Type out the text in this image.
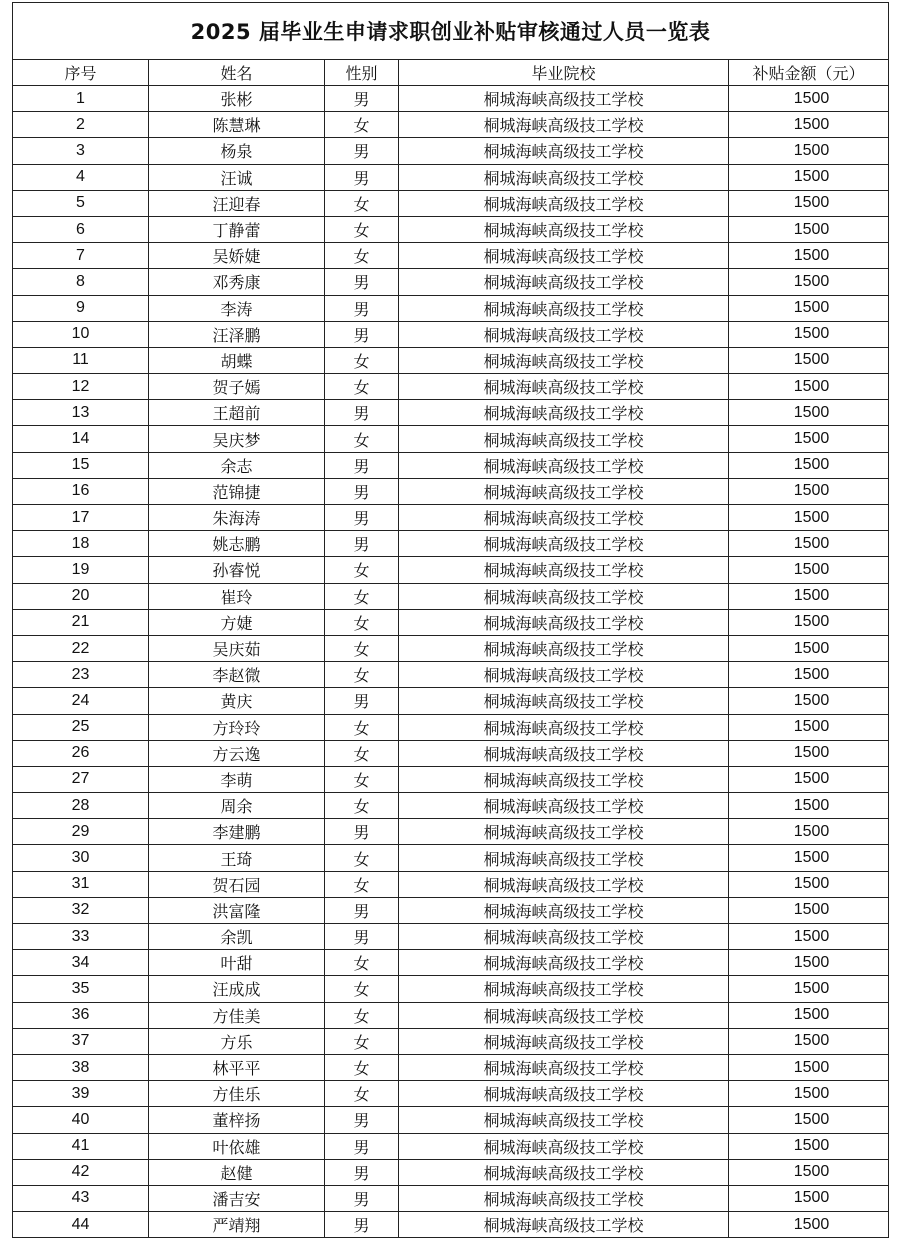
2025 届毕业生申请求职创业补贴审核通过人员一览表				
序号	姓名	性别	毕业院校	补贴金额（元）
1	张彬	男	桐城海峡高级技工学校	1500
2	陈慧琳	女	桐城海峡高级技工学校	1500
3	杨泉	男	桐城海峡高级技工学校	1500
4	汪诚	男	桐城海峡高级技工学校	1500
5	汪迎春	女	桐城海峡高级技工学校	1500
6	丁静蕾	女	桐城海峡高级技工学校	1500
7	吴娇婕	女	桐城海峡高级技工学校	1500
8	邓秀康	男	桐城海峡高级技工学校	1500
9	李涛	男	桐城海峡高级技工学校	1500
10	汪泽鹏	男	桐城海峡高级技工学校	1500
11	胡蝶	女	桐城海峡高级技工学校	1500
12	贺子嫣	女	桐城海峡高级技工学校	1500
13	王超前	男	桐城海峡高级技工学校	1500
14	吴庆梦	女	桐城海峡高级技工学校	1500
15	余志	男	桐城海峡高级技工学校	1500
16	范锦捷	男	桐城海峡高级技工学校	1500
17	朱海涛	男	桐城海峡高级技工学校	1500
18	姚志鹏	男	桐城海峡高级技工学校	1500
19	孙睿悦	女	桐城海峡高级技工学校	1500
20	崔玲	女	桐城海峡高级技工学校	1500
21	方婕	女	桐城海峡高级技工学校	1500
22	吴庆茹	女	桐城海峡高级技工学校	1500
23	李赵微	女	桐城海峡高级技工学校	1500
24	黄庆	男	桐城海峡高级技工学校	1500
25	方玲玲	女	桐城海峡高级技工学校	1500
26	方云逸	女	桐城海峡高级技工学校	1500
27	李萌	女	桐城海峡高级技工学校	1500
28	周余	女	桐城海峡高级技工学校	1500
29	李建鹏	男	桐城海峡高级技工学校	1500
30	王琦	女	桐城海峡高级技工学校	1500
31	贺石园	女	桐城海峡高级技工学校	1500
32	洪富隆	男	桐城海峡高级技工学校	1500
33	余凯	男	桐城海峡高级技工学校	1500
34	叶甜	女	桐城海峡高级技工学校	1500
35	汪成成	女	桐城海峡高级技工学校	1500
36	方佳美	女	桐城海峡高级技工学校	1500
37	方乐	女	桐城海峡高级技工学校	1500
38	林平平	女	桐城海峡高级技工学校	1500
39	方佳乐	女	桐城海峡高级技工学校	1500
40	董梓扬	男	桐城海峡高级技工学校	1500
41	叶依雄	男	桐城海峡高级技工学校	1500
42	赵健	男	桐城海峡高级技工学校	1500
43	潘吉安	男	桐城海峡高级技工学校	1500
44	严靖翔	男	桐城海峡高级技工学校	1500
